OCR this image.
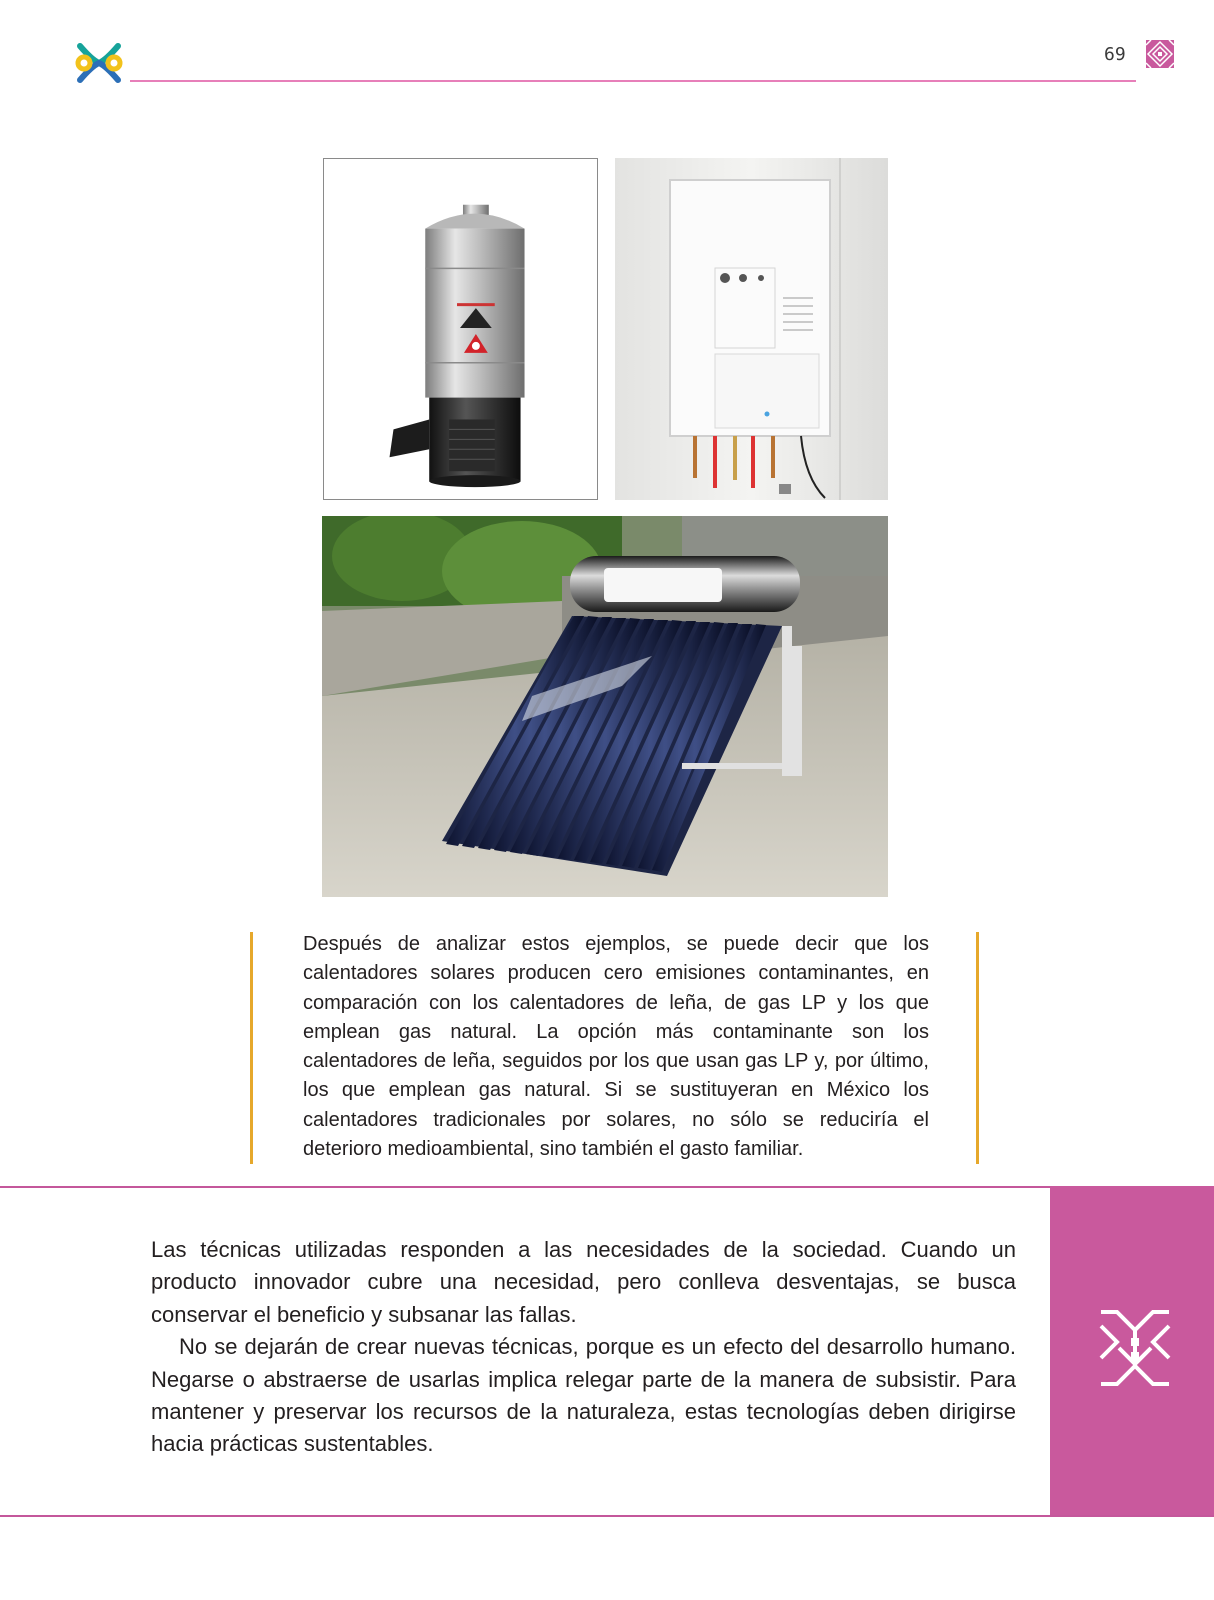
69

Después de analizar estos ejemplos, se puede decir que los calentadores solares producen cero emisiones contaminantes, en comparación con los calentadores de leña, de gas LP y los que emplean gas natural. La opción más contaminante son los calentadores de leña, seguidos por los que usan gas LP y, por último, los que emplean gas natural. Si se sustituyeran en México los calentadores tradicionales por solares, no sólo se reduciría el deterioro medioambiental, sino también el gasto familiar.

Las técnicas utilizadas responden a las necesidades de la sociedad. Cuando un producto innovador cubre una necesidad, pero conlleva desventajas, se busca conservar el beneficio y subsanar las fallas.

No se dejarán de crear nuevas técnicas, porque es un efecto del desarrollo humano. Negarse o abstraerse de usarlas implica relegar parte de la manera de subsistir. Para mantener y preservar los recursos de la naturaleza, estas tecnologías deben dirigirse hacia prácticas sustentables.
